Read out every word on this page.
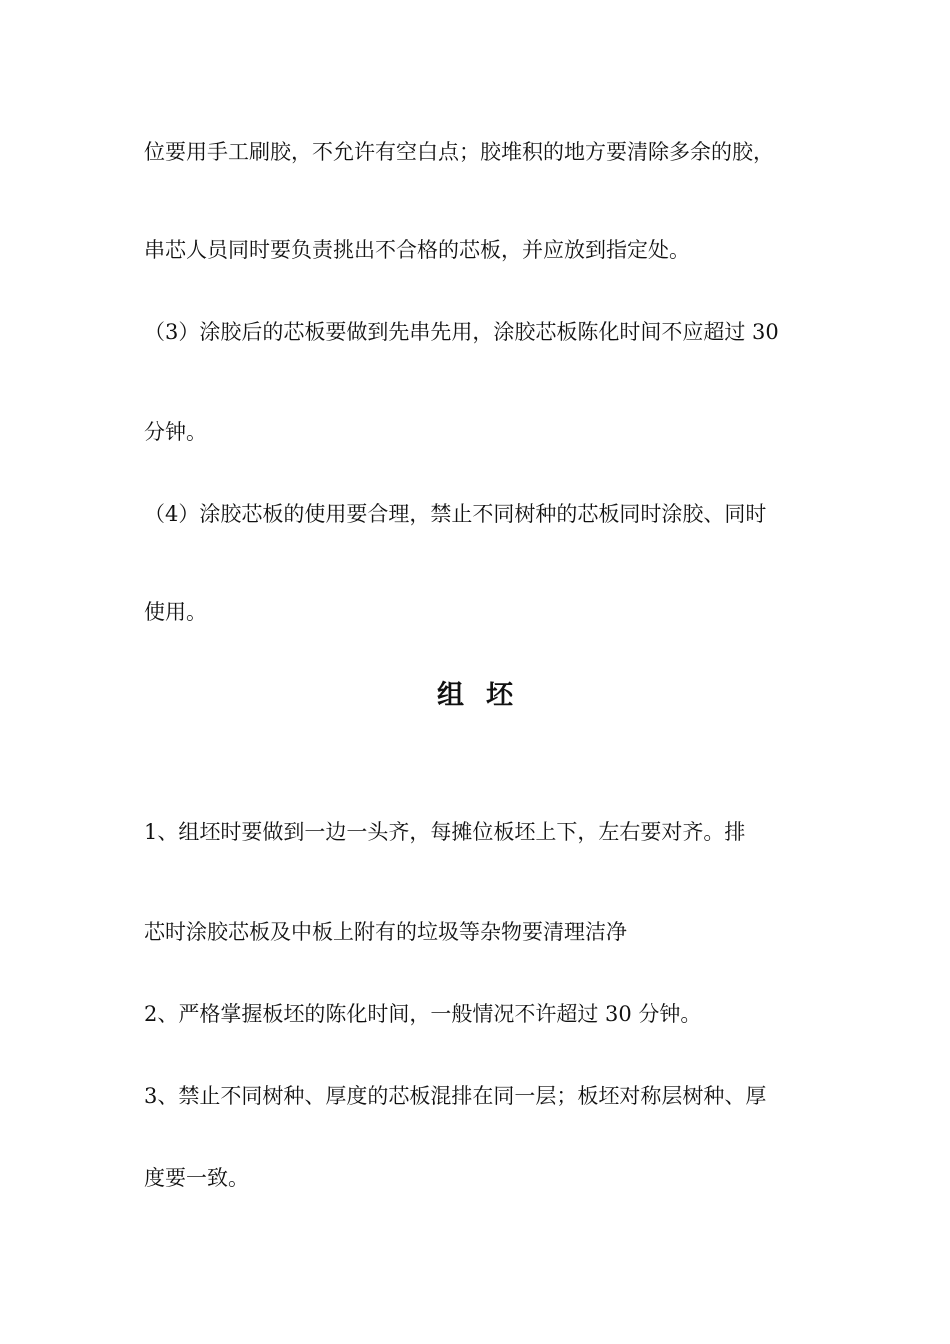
位要用手工刷胶，不允许有空白点；胶堆积的地方要清除多余的胶，
串芯人员同时要负责挑出不合格的芯板，并应放到指定处。
（3）涂胶后的芯板要做到先串先用，涂胶芯板陈化时间不应超过 30
分钟。
（4）涂胶芯板的使用要合理，禁止不同树种的芯板同时涂胶、同时
使用。
组坯
1、组坯时要做到一边一头齐，每摊位板坯上下，左右要对齐。排
芯时涂胶芯板及中板上附有的垃圾等杂物要清理洁净
2、严格掌握板坯的陈化时间，一般情况不许超过 30 分钟。
3、禁止不同树种、厚度的芯板混排在同一层；板坯对称层树种、厚
度要一致。
